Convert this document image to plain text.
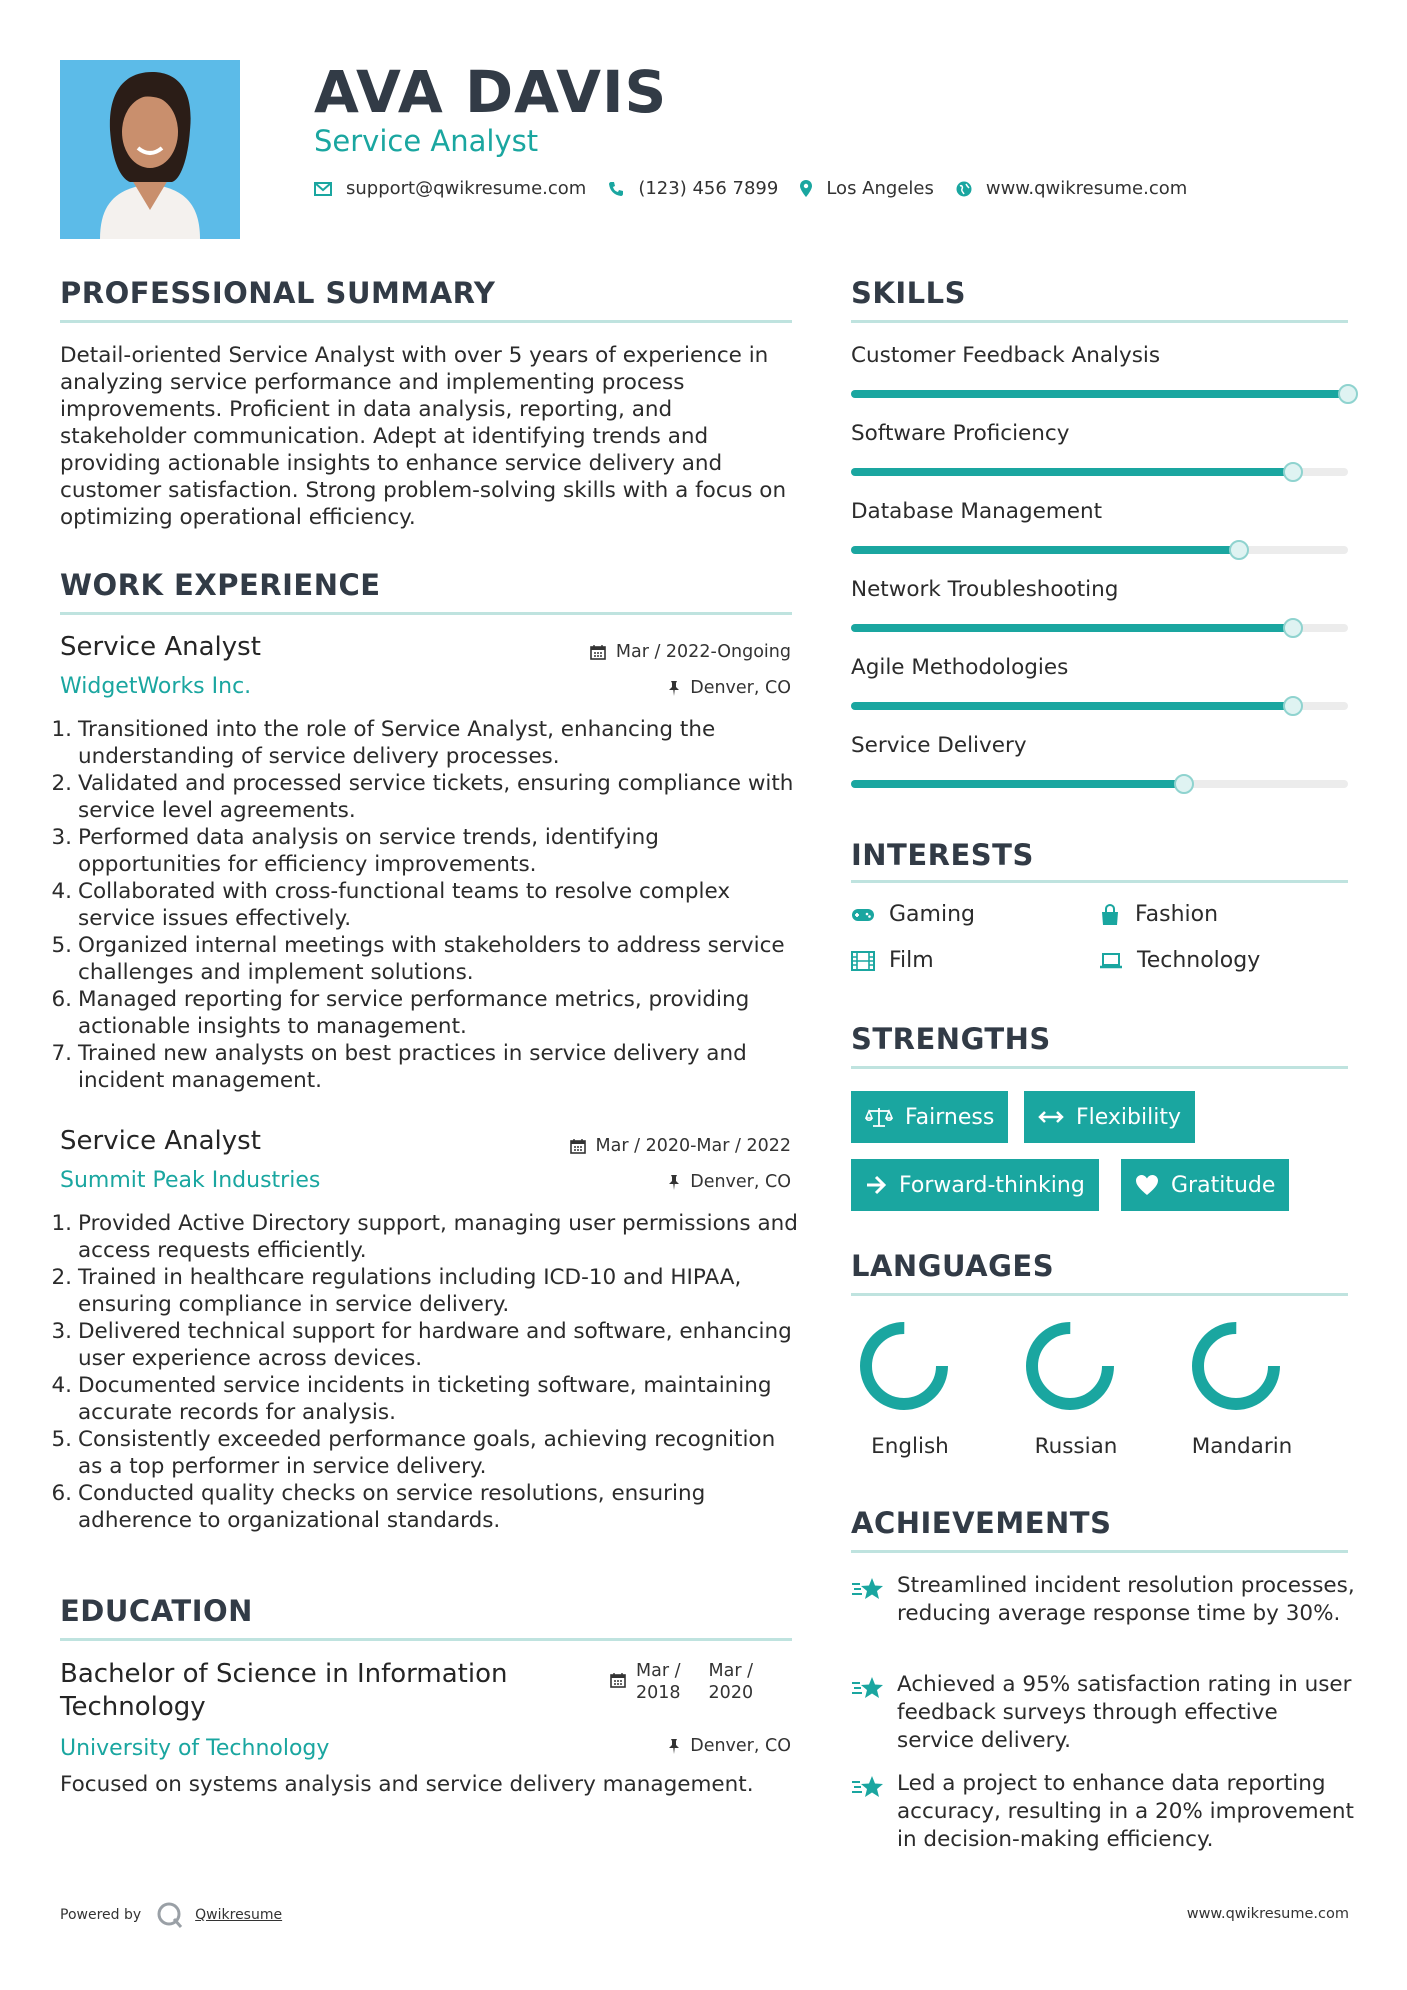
AVA DAVIS
Service Analyst
support@qwikresume.com	(123) 456 7899	Los Angeles	www.qwikresume.com
PROFESSIONAL SUMMARY
Detail-oriented Service Analyst with over 5 years of experience in analyzing service performance and implementing process improvements. Proficient in data analysis, reporting, and stakeholder communication. Adept at identifying trends and providing actionable insights to enhance service delivery and customer satisfaction. Strong problem-solving skills with a focus on optimizing operational efficiency.
WORK EXPERIENCE
Service Analyst
WidgetWorks Inc.
Mar / 2022-Ongoing
Denver, CO
1. Transitioned into the role of Service Analyst, enhancing the understanding of service delivery processes.
2. Validated and processed service tickets, ensuring compliance with service level agreements.
3. Performed data analysis on service trends, identifying opportunities for efficiency improvements.
4. Collaborated with cross-functional teams to resolve complex service issues effectively.
5. Organized internal meetings with stakeholders to address service challenges and implement solutions.
6. Managed reporting for service performance metrics, providing actionable insights to management.
7. Trained new analysts on best practices in service delivery and incident management.
Service Analyst
Summit Peak Industries
Mar / 2020-Mar / 2022
Denver, CO
1. Provided Active Directory support, managing user permissions and access requests efficiently.
2. Trained in healthcare regulations including ICD-10 and HIPAA, ensuring compliance in service delivery.
3. Delivered technical support for hardware and software, enhancing user experience across devices.
4. Documented service incidents in ticketing software, maintaining accurate records for analysis.
5. Consistently exceeded performance goals, achieving recognition as a top performer in service delivery.
6. Conducted quality checks on service resolutions, ensuring adherence to organizational standards.
EDUCATION
Bachelor of Science in Information Technology
University of Technology
Mar /
2018
Mar /
2020
Denver, CO
Focused on systems analysis and service delivery management.
SKILLS
Customer Feedback Analysis
Software Proficiency
Database Management
Network Troubleshooting
Agile Methodologies
Service Delivery
INTERESTS
Gaming	Fashion
Film	Technology
STRENGTHS
Fairness	Flexibility
Forward-thinking	Gratitude
LANGUAGES
English	Russian	Mandarin
ACHIEVEMENTS
Streamlined incident resolution processes, reducing average response time by 30%.
Achieved a 95% satisfaction rating in user feedback surveys through effective service delivery.
Led a project to enhance data reporting accuracy, resulting in a 20% improvement in decision-making efficiency.
Powered by	Qwikresume	www.qwikresume.com
